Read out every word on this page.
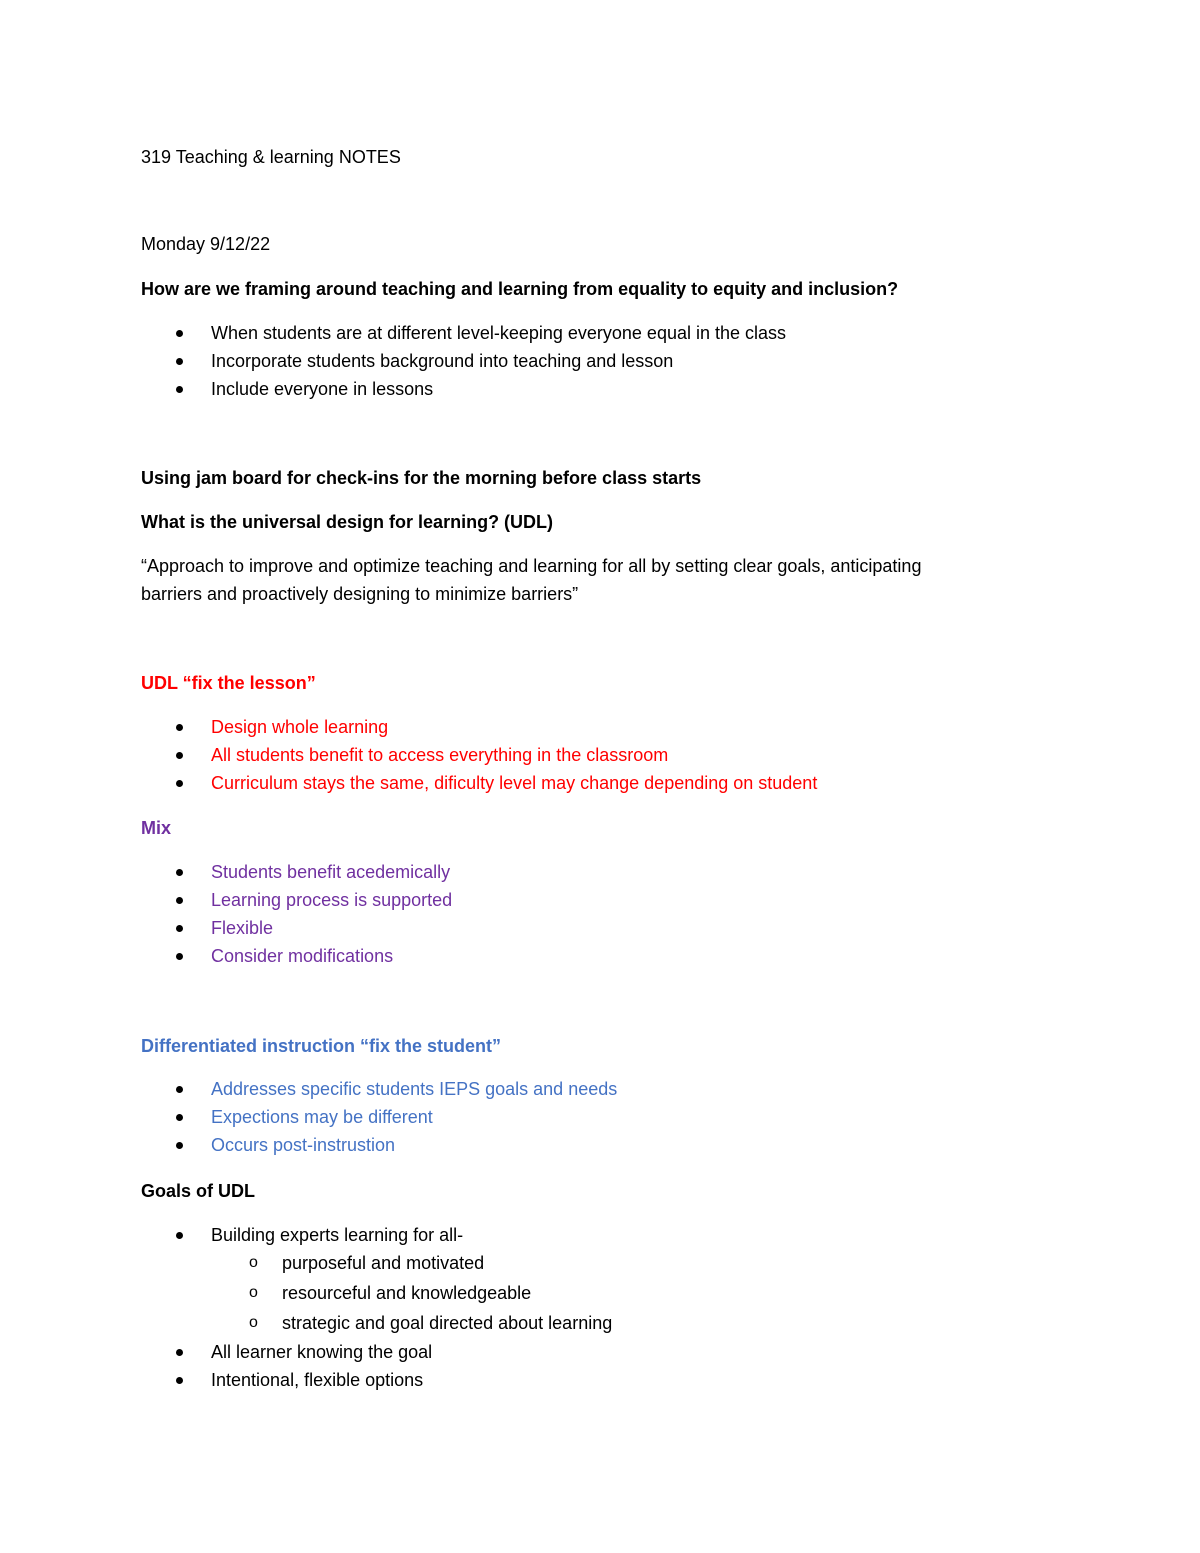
319 Teaching & learning NOTES
Monday 9/12/22
How are we framing around teaching and learning from equality to equity and inclusion?
When students are at different level-keeping everyone equal in the class
Incorporate students background into teaching and lesson
Include everyone in lessons
Using jam board for check-ins for the morning before class starts
What is the universal design for learning? (UDL)
“Approach to improve and optimize teaching and learning for all by setting clear goals, anticipating
barriers and proactively designing to minimize barriers”
UDL “fix the lesson”
Design whole learning
All students benefit to access everything in the classroom
Curriculum stays the same, dificulty level may change depending on student
Mix
Students benefit acedemically
Learning process is supported
Flexible
Consider modifications
Differentiated instruction “fix the student”
Addresses specific students IEPS goals and needs
Expections may be different
Occurs post-instrustion
Goals of UDL
Building experts learning for all-
o purposeful and motivated
o resourceful and knowledgeable
o strategic and goal directed about learning
All learner knowing the goal
Intentional, flexible options
